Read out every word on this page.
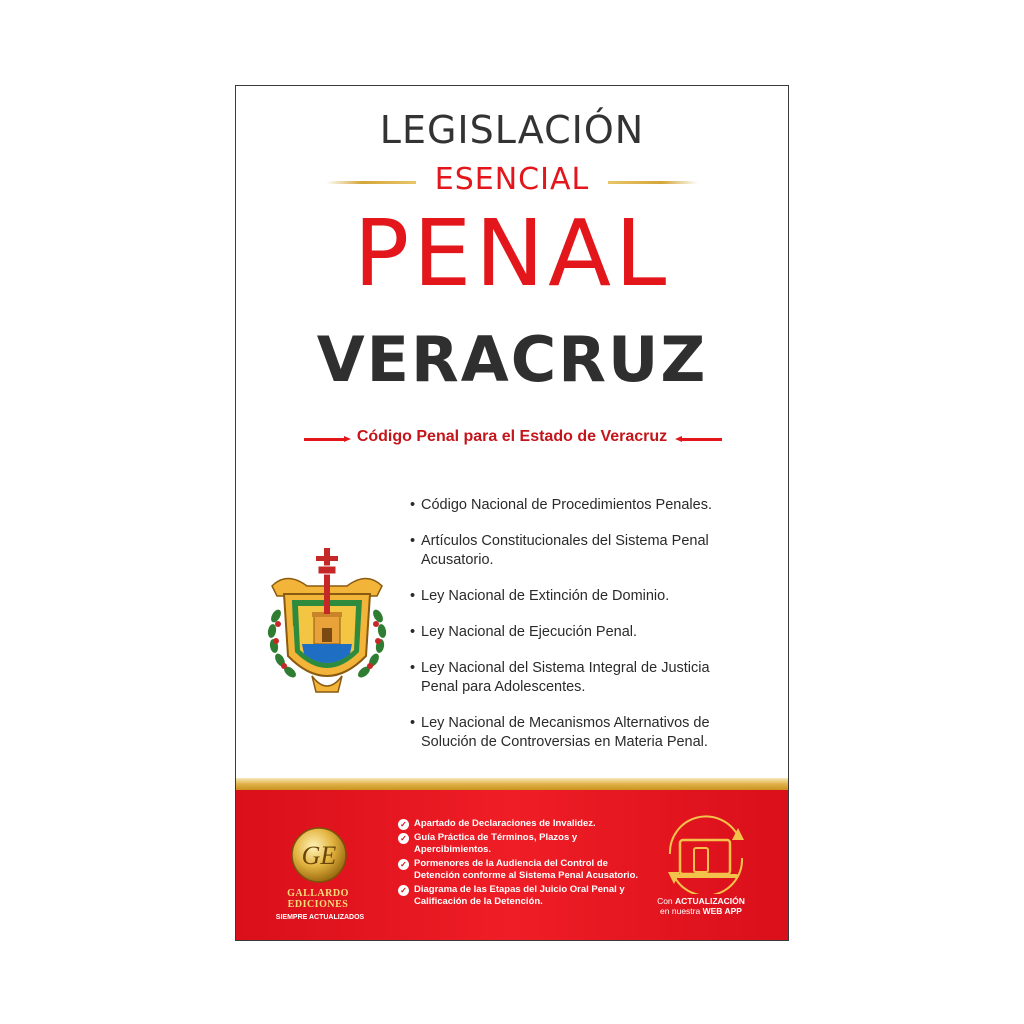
LEGISLACIÓN
ESENCIAL
PENAL
VERACRUZ
Código Penal para el Estado de Veracruz
• Código Nacional de Procedimientos Penales.
• Artículos Constitucionales del Sistema Penal Acusatorio.
• Ley Nacional de Extinción de Dominio.
• Ley Nacional de Ejecución Penal.
• Ley Nacional del Sistema Integral de Justicia Penal para Adolescentes.
• Ley Nacional de Mecanismos Alternativos de Solución de Controversias en Materia Penal.
GE
GALLARDO
EDICIONES
SIEMPRE ACTUALIZADOS
✓ Apartado de Declaraciones de Invalidez.
✓ Guía Práctica de Términos, Plazos y Apercibimientos.
✓ Pormenores de la Audiencia del Control de Detención conforme al Sistema Penal Acusatorio.
✓ Diagrama de las Etapas del Juicio Oral Penal y Calificación de la Detención.	Con ACTUALIZACIÓN
en nuestra WEB APP
